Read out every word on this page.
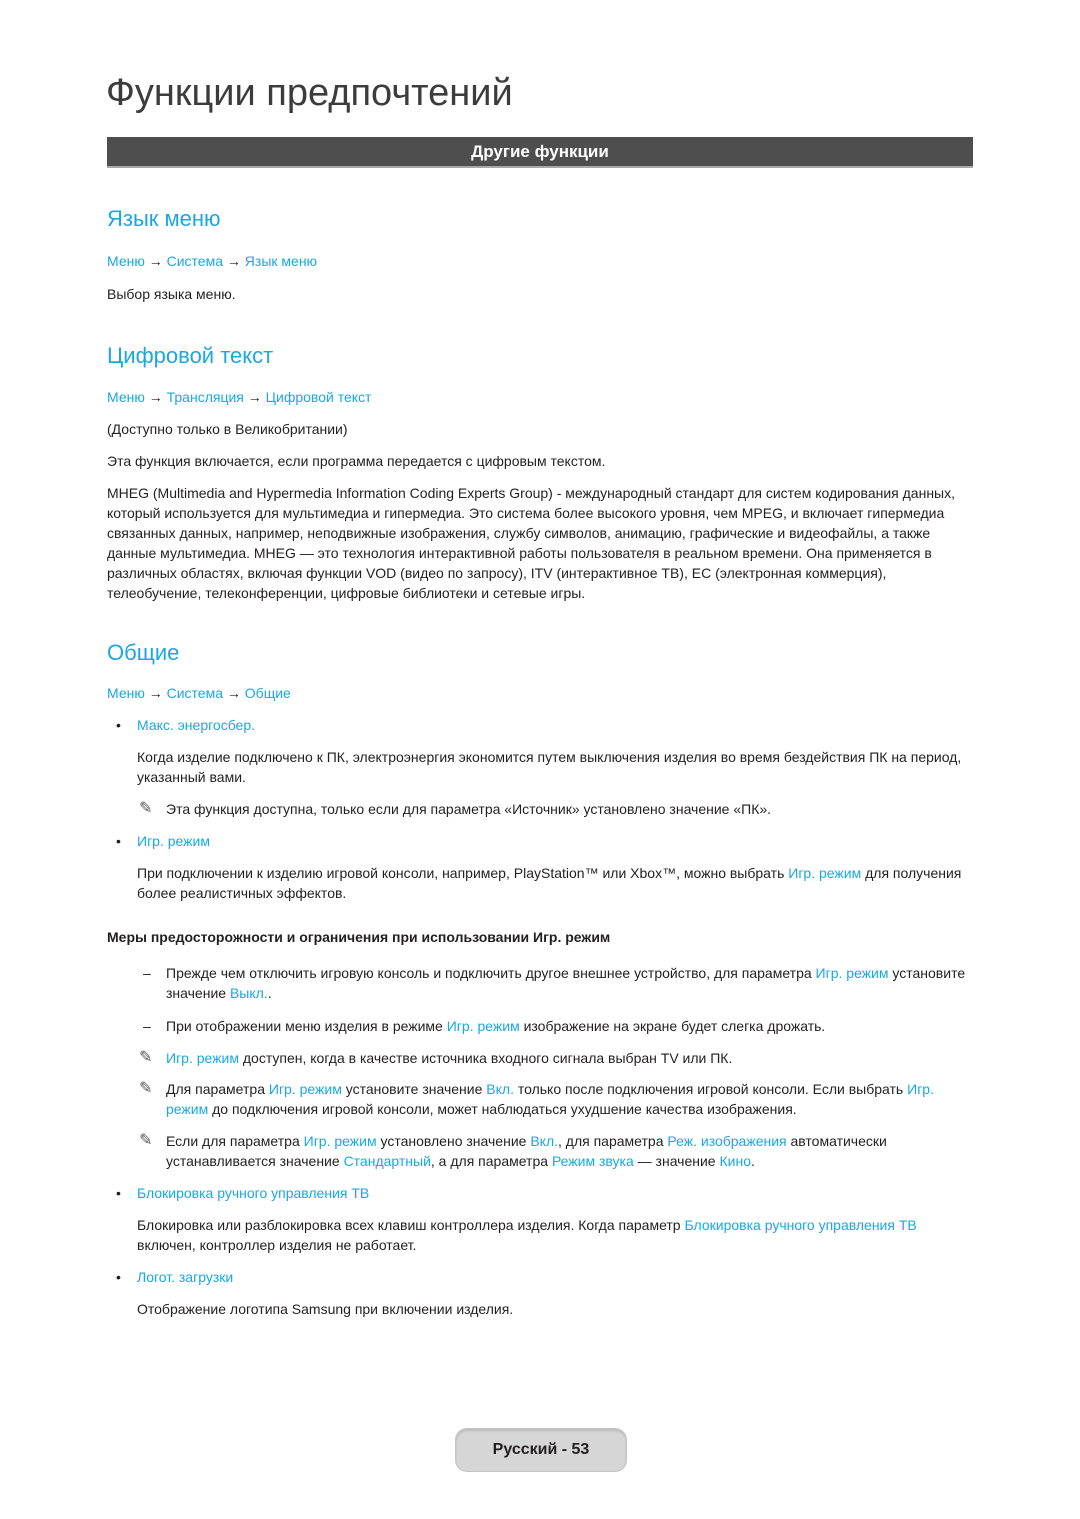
Функции предпочтений
Другие функции
Язык меню
Меню → Система → Язык меню

Выбор языка меню.

Цифровой текст
Меню → Трансляция → Цифровой текст

(Доступно только в Великобритании)

Эта функция включается, если программа передается с цифровым текстом.

MHEG (Multimedia and Hypermedia Information Coding Experts Group) - международный стандарт для систем кодирования данных, который используется для мультимедиа и гипермедиа. Это система более высокого уровня, чем MPEG, и включает гипермедиа связанных данных, например, неподвижные изображения, службу символов, анимацию, графические и видеофайлы, а также данные мультимедиа. MHEG — это технология интерактивной работы пользователя в реальном времени. Она применяется в различных областях, включая функции VOD (видео по запросу), ITV (интерактивное ТВ), EC (электронная коммерция), телеобучение, телеконференции, цифровые библиотеки и сетевые игры.

Общие
Меню → Система → Общие
• Макс. энергосбер.

Когда изделие подключено к ПК, электроэнергия экономится путем выключения изделия во время бездействия ПК на период, указанный вами.

✎ Эта функция доступна, только если для параметра «Источник» установлено значение «ПК».
• Игр. режим

При подключении к изделию игровой консоли, например, PlayStation™ или Xbox™, можно выбрать Игр. режим для получения более реалистичных эффектов.

Меры предосторожности и ограничения при использовании Игр. режим
– Прежде чем отключить игровую консоль и подключить другое внешнее устройство, для параметра Игр. режим установите значение Выкл..
– При отображении меню изделия в режиме Игр. режим изображение на экране будет слегка дрожать.
✎ Игр. режим доступен, когда в качестве источника входного сигнала выбран TV или ПК.
✎ Для параметра Игр. режим установите значение Вкл. только после подключения игровой консоли. Если выбрать Игр. режим до подключения игровой консоли, может наблюдаться ухудшение качества изображения.
✎ Если для параметра Игр. режим установлено значение Вкл., для параметра Реж. изображения автоматически устанавливается значение Стандартный, а для параметра Режим звука — значение Кино.
• Блокировка ручного управления ТВ

Блокировка или разблокировка всех клавиш контроллера изделия. Когда параметр Блокировка ручного управления ТВ включен, контроллер изделия не работает.

• Логот. загрузки

Отображение логотипа Samsung при включении изделия.

Русский - 53
